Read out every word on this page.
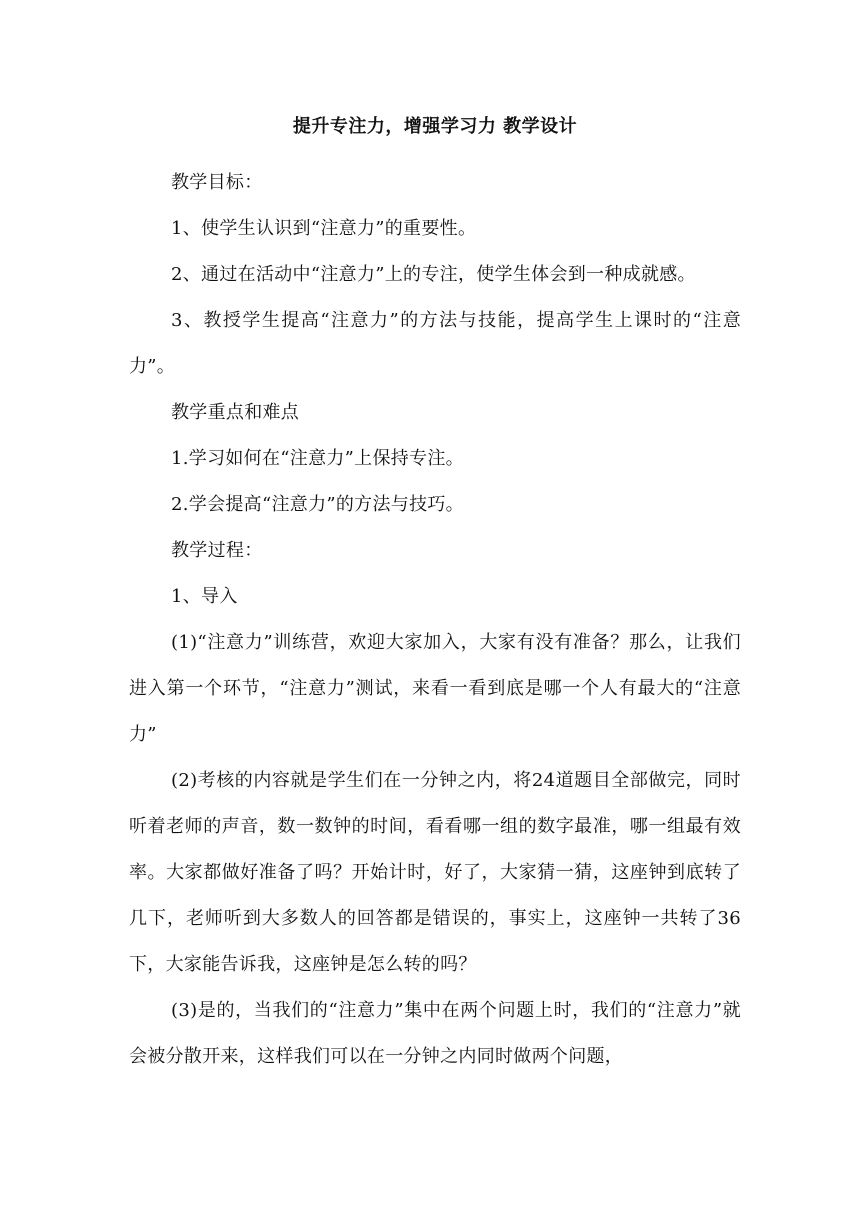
提升专注力，增强学习力 教学设计

教学目标：

1、使学生认识到“注意力”的重要性。

2、通过在活动中“注意力”上的专注，使学生体会到一种成就感。

3、教授学生提高“注意力”的方法与技能，提高学生上课时的“注意力”。

教学重点和难点

1.学习如何在“注意力”上保持专注。

2.学会提高“注意力”的方法与技巧。

教学过程：

1、导入

(1)“注意力”训练营，欢迎大家加入，大家有没有准备？那么，让我们进入第一个环节，“注意力”测试，来看一看到底是哪一个人有最大的“注意力”

(2)考核的内容就是学生们在一分钟之内，将24道题目全部做完，同时听着老师的声音，数一数钟的时间，看看哪一组的数字最准，哪一组最有效率。大家都做好准备了吗？开始计时，好了，大家猜一猜，这座钟到底转了几下，老师听到大多数人的回答都是错误的，事实上，这座钟一共转了36下，大家能告诉我，这座钟是怎么转的吗？

(3)是的，当我们的“注意力”集中在两个问题上时，我们的“注意力”就会被分散开来，这样我们可以在一分钟之内同时做两个问题，
